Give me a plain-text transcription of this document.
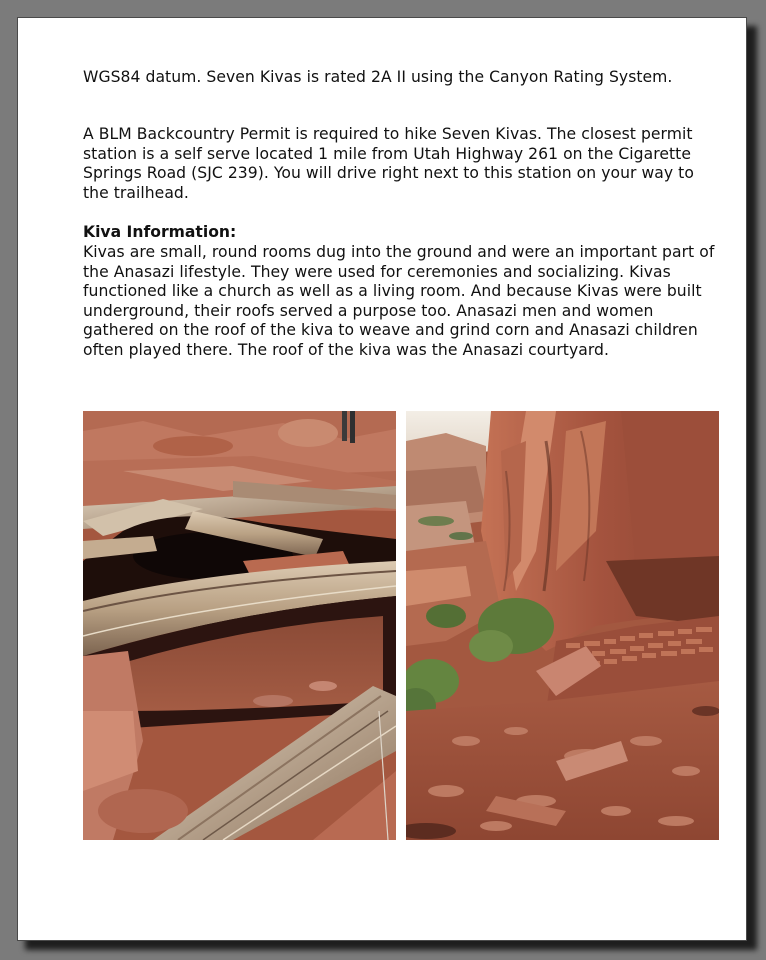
WGS84 datum. Seven Kivas is rated 2A II using the Canyon Rating System.
A BLM Backcountry Permit is required to hike Seven Kivas. The closest permit station is a self serve located 1 mile from Utah Highway 261 on the Cigarette Springs Road (SJC 239). You will drive right next to this station on your way to the trailhead.
Kiva Information:
Kivas are small, round rooms dug into the ground and were an important part of the Anasazi lifestyle. They were used for ceremonies and socializing. Kivas functioned like a church as well as a living room. And because Kivas were built underground, their roofs served a purpose too. Anasazi men and women gathered on the roof of the kiva to weave and grind corn and Anasazi children often played there. The roof of the kiva was the Anasazi courtyard.
